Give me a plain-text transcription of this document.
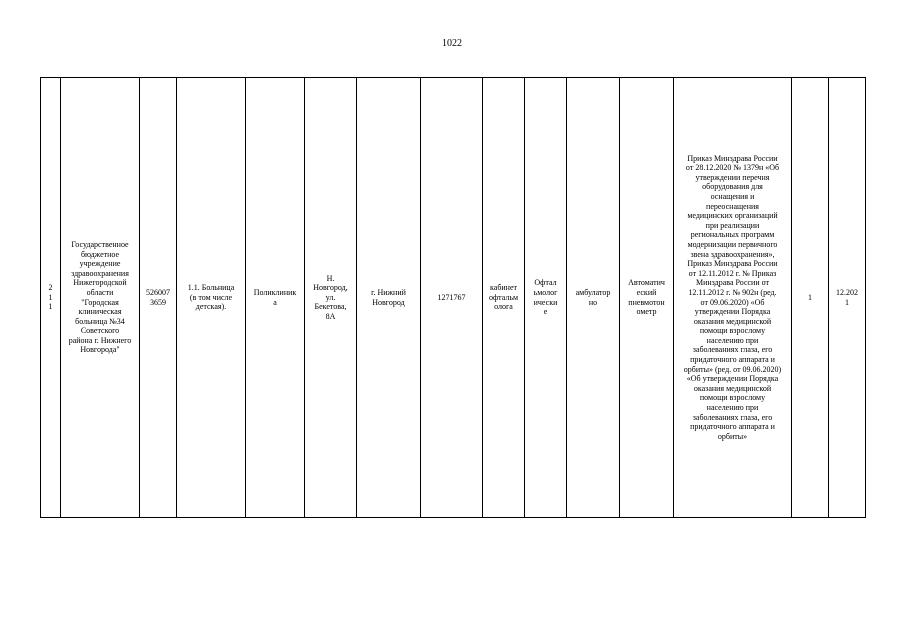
1022
2
1
1	Государственное
бюджетное
учреждение
здравоохранения
Нижегородской
области
"Городская
клиническая
больница №34
Советского
района г. Нижнего
Новгорода"	526007
3659	1.1. Больница
(в том числе
детская).	Поликлиник
а	Н.
Новгород,
ул.
Бекетова,
8А	г. Нижний
Новгород	1271767	кабинет
офтальм
олога	Офтал
ьмолог
ически
е	амбулатор
но	Автоматич
еский
пневмотон
ометр	Приказ Минздрава России
от 28.12.2020 № 1379н «Об
утверждении перечня
оборудования для
оснащения и
переоснащения
медицинских организаций
при реализации
региональных программ
модернизации первичного
звена здравоохранения»,
Приказ Минздрава России
от 12.11.2012 г. № Приказ
Минздрава России от
12.11.2012 г. № 902н (ред.
от 09.06.2020) «Об
утверждении Порядка
оказания медицинской
помощи взрослому
населению при
заболеваниях глаза, его
придаточного аппарата и
орбиты» (ред. от 09.06.2020)
«Об утверждении Порядка
оказания медицинской
помощи взрослому
населению при
заболеваниях глаза, его
придаточного аппарата и
орбиты»	1	12.202
1
